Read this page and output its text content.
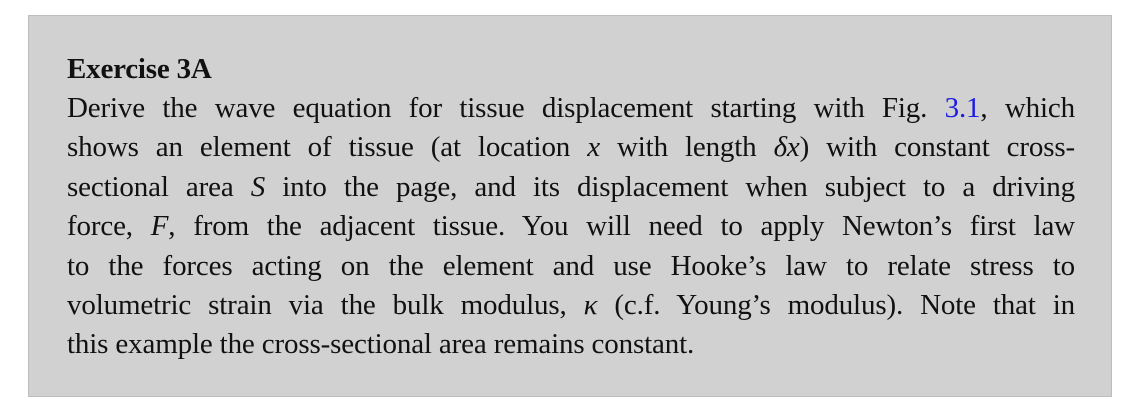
Exercise 3A

Derive the wave equation for tissue displacement starting with Fig. 3.1, which
shows an element of tissue (at location x with length δx) with constant cross-
sectional area S into the page, and its displacement when subject to a driving
force, F, from the adjacent tissue. You will need to apply Newton’s first law
to the forces acting on the element and use Hooke’s law to relate stress to
volumetric strain via the bulk modulus, κ (c.f. Young’s modulus). Note that in
this example the cross-sectional area remains constant.
